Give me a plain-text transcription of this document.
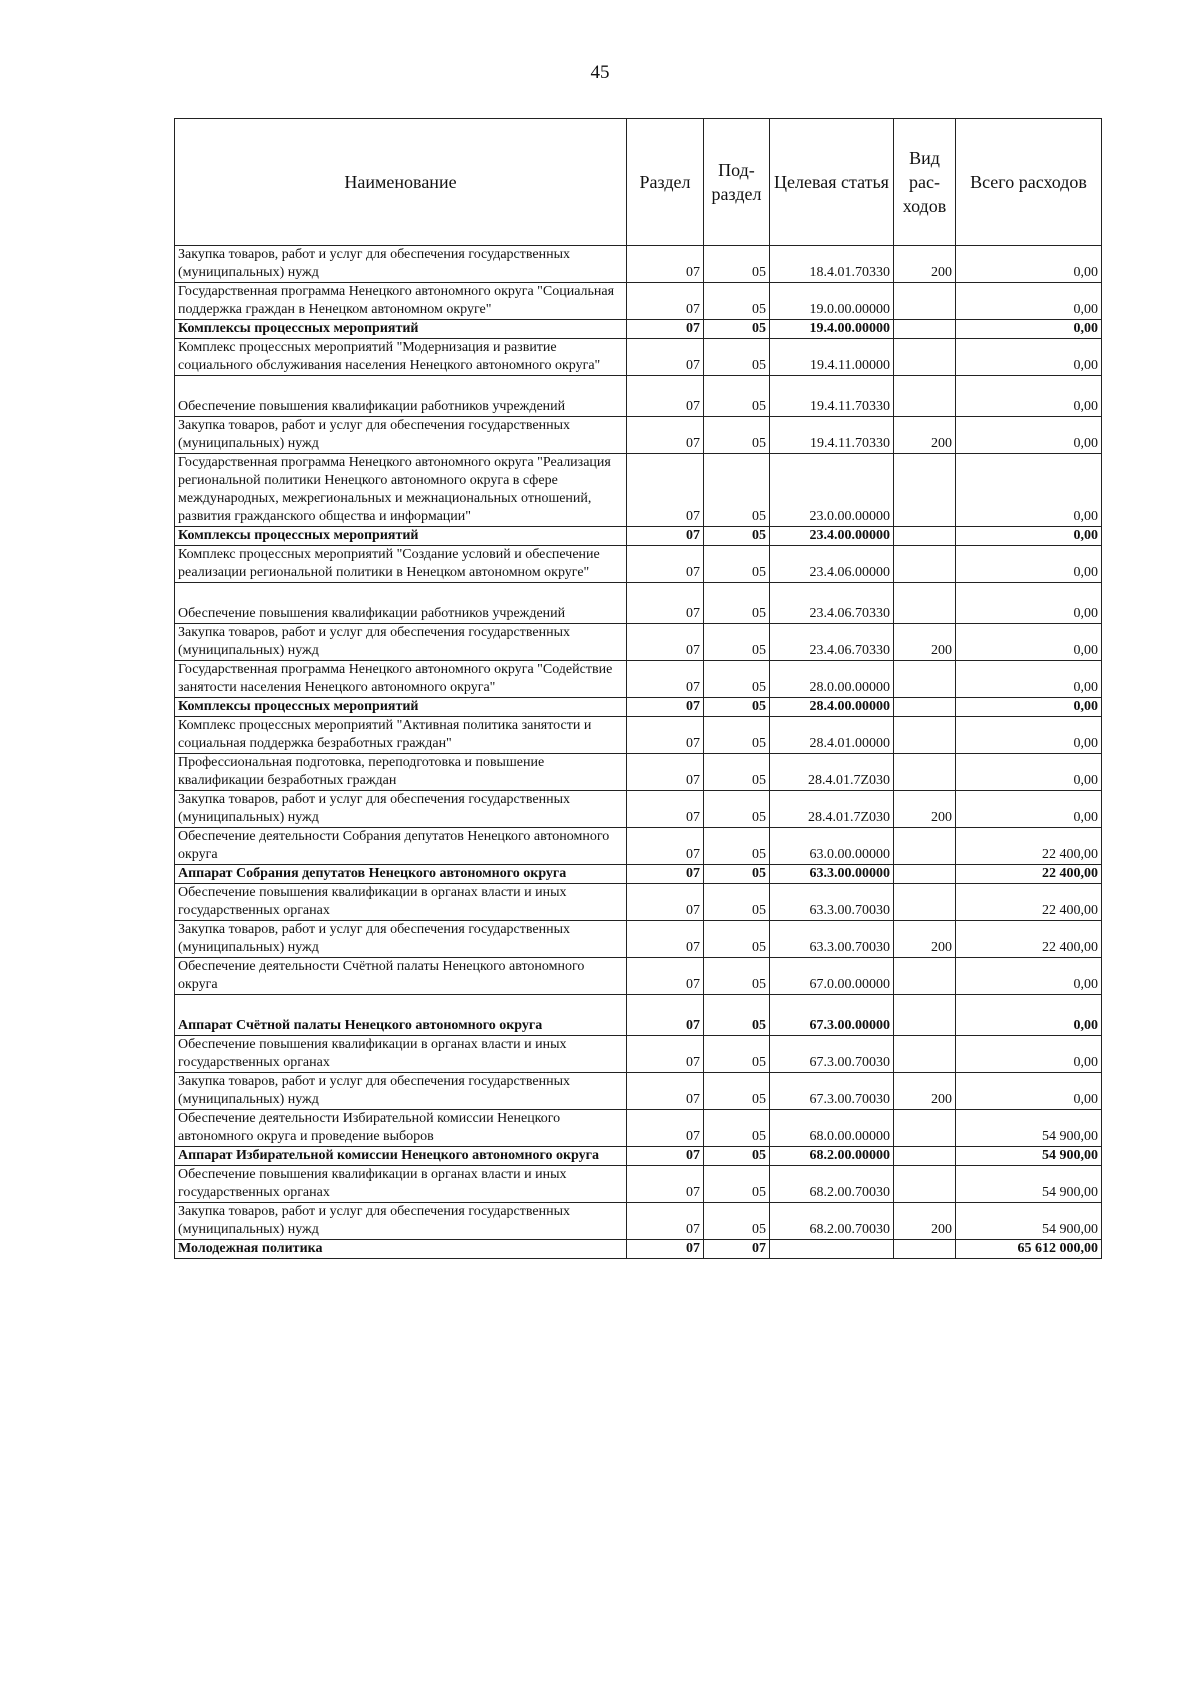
45
Наименование	Раздел	Под-раздел	Целевая статья	Вид рас-ходов	Всего расходов
Закупка товаров, работ и услуг для обеспечения государственных (муниципальных) нужд	07	05	18.4.01.70330	200	0,00
Государственная программа Ненецкого автономного округа "Социальная поддержка граждан в Ненецком автономном округе"	07	05	19.0.00.00000		0,00
Комплексы процессных мероприятий	07	05	19.4.00.00000		0,00
Комплекс процессных мероприятий "Модернизация и развитие социального обслуживания населения Ненецкого автономного округа"	07	05	19.4.11.00000		0,00
Обеспечение повышения квалификации работников учреждений	07	05	19.4.11.70330		0,00
Закупка товаров, работ и услуг для обеспечения государственных (муниципальных) нужд	07	05	19.4.11.70330	200	0,00
Государственная программа Ненецкого автономного округа "Реализация региональной политики Ненецкого автономного округа в сфере международных, межрегиональных и межнациональных отношений, развития гражданского общества и информации"	07	05	23.0.00.00000		0,00
Комплексы процессных мероприятий	07	05	23.4.00.00000		0,00
Комплекс процессных мероприятий "Создание условий и обеспечение реализации региональной политики в Ненецком автономном округе"	07	05	23.4.06.00000		0,00
Обеспечение повышения квалификации работников учреждений	07	05	23.4.06.70330		0,00
Закупка товаров, работ и услуг для обеспечения государственных (муниципальных) нужд	07	05	23.4.06.70330	200	0,00
Государственная программа Ненецкого автономного округа "Содействие занятости населения Ненецкого автономного округа"	07	05	28.0.00.00000		0,00
Комплексы процессных мероприятий	07	05	28.4.00.00000		0,00
Комплекс процессных мероприятий "Активная политика занятости и социальная поддержка безработных граждан"	07	05	28.4.01.00000		0,00
Профессиональная подготовка, переподготовка и повышение квалификации безработных граждан	07	05	28.4.01.7Z030		0,00
Закупка товаров, работ и услуг для обеспечения государственных (муниципальных) нужд	07	05	28.4.01.7Z030	200	0,00
Обеспечение деятельности Собрания депутатов Ненецкого автономного округа	07	05	63.0.00.00000		22 400,00
Аппарат Собрания депутатов Ненецкого автономного округа	07	05	63.3.00.00000		22 400,00
Обеспечение повышения квалификации в органах власти и иных государственных органах	07	05	63.3.00.70030		22 400,00
Закупка товаров, работ и услуг для обеспечения государственных (муниципальных) нужд	07	05	63.3.00.70030	200	22 400,00
Обеспечение деятельности Счётной палаты Ненецкого автономного округа	07	05	67.0.00.00000		0,00
Аппарат Счётной палаты Ненецкого автономного округа	07	05	67.3.00.00000		0,00
Обеспечение повышения квалификации в органах власти и иных государственных органах	07	05	67.3.00.70030		0,00
Закупка товаров, работ и услуг для обеспечения государственных (муниципальных) нужд	07	05	67.3.00.70030	200	0,00
Обеспечение деятельности Избирательной комиссии Ненецкого автономного округа и проведение выборов	07	05	68.0.00.00000		54 900,00
Аппарат Избирательной комиссии Ненецкого автономного округа	07	05	68.2.00.00000		54 900,00
Обеспечение повышения квалификации в органах власти и иных государственных органах	07	05	68.2.00.70030		54 900,00
Закупка товаров, работ и услуг для обеспечения государственных (муниципальных) нужд	07	05	68.2.00.70030	200	54 900,00
Молодежная политика	07	07			65 612 000,00
